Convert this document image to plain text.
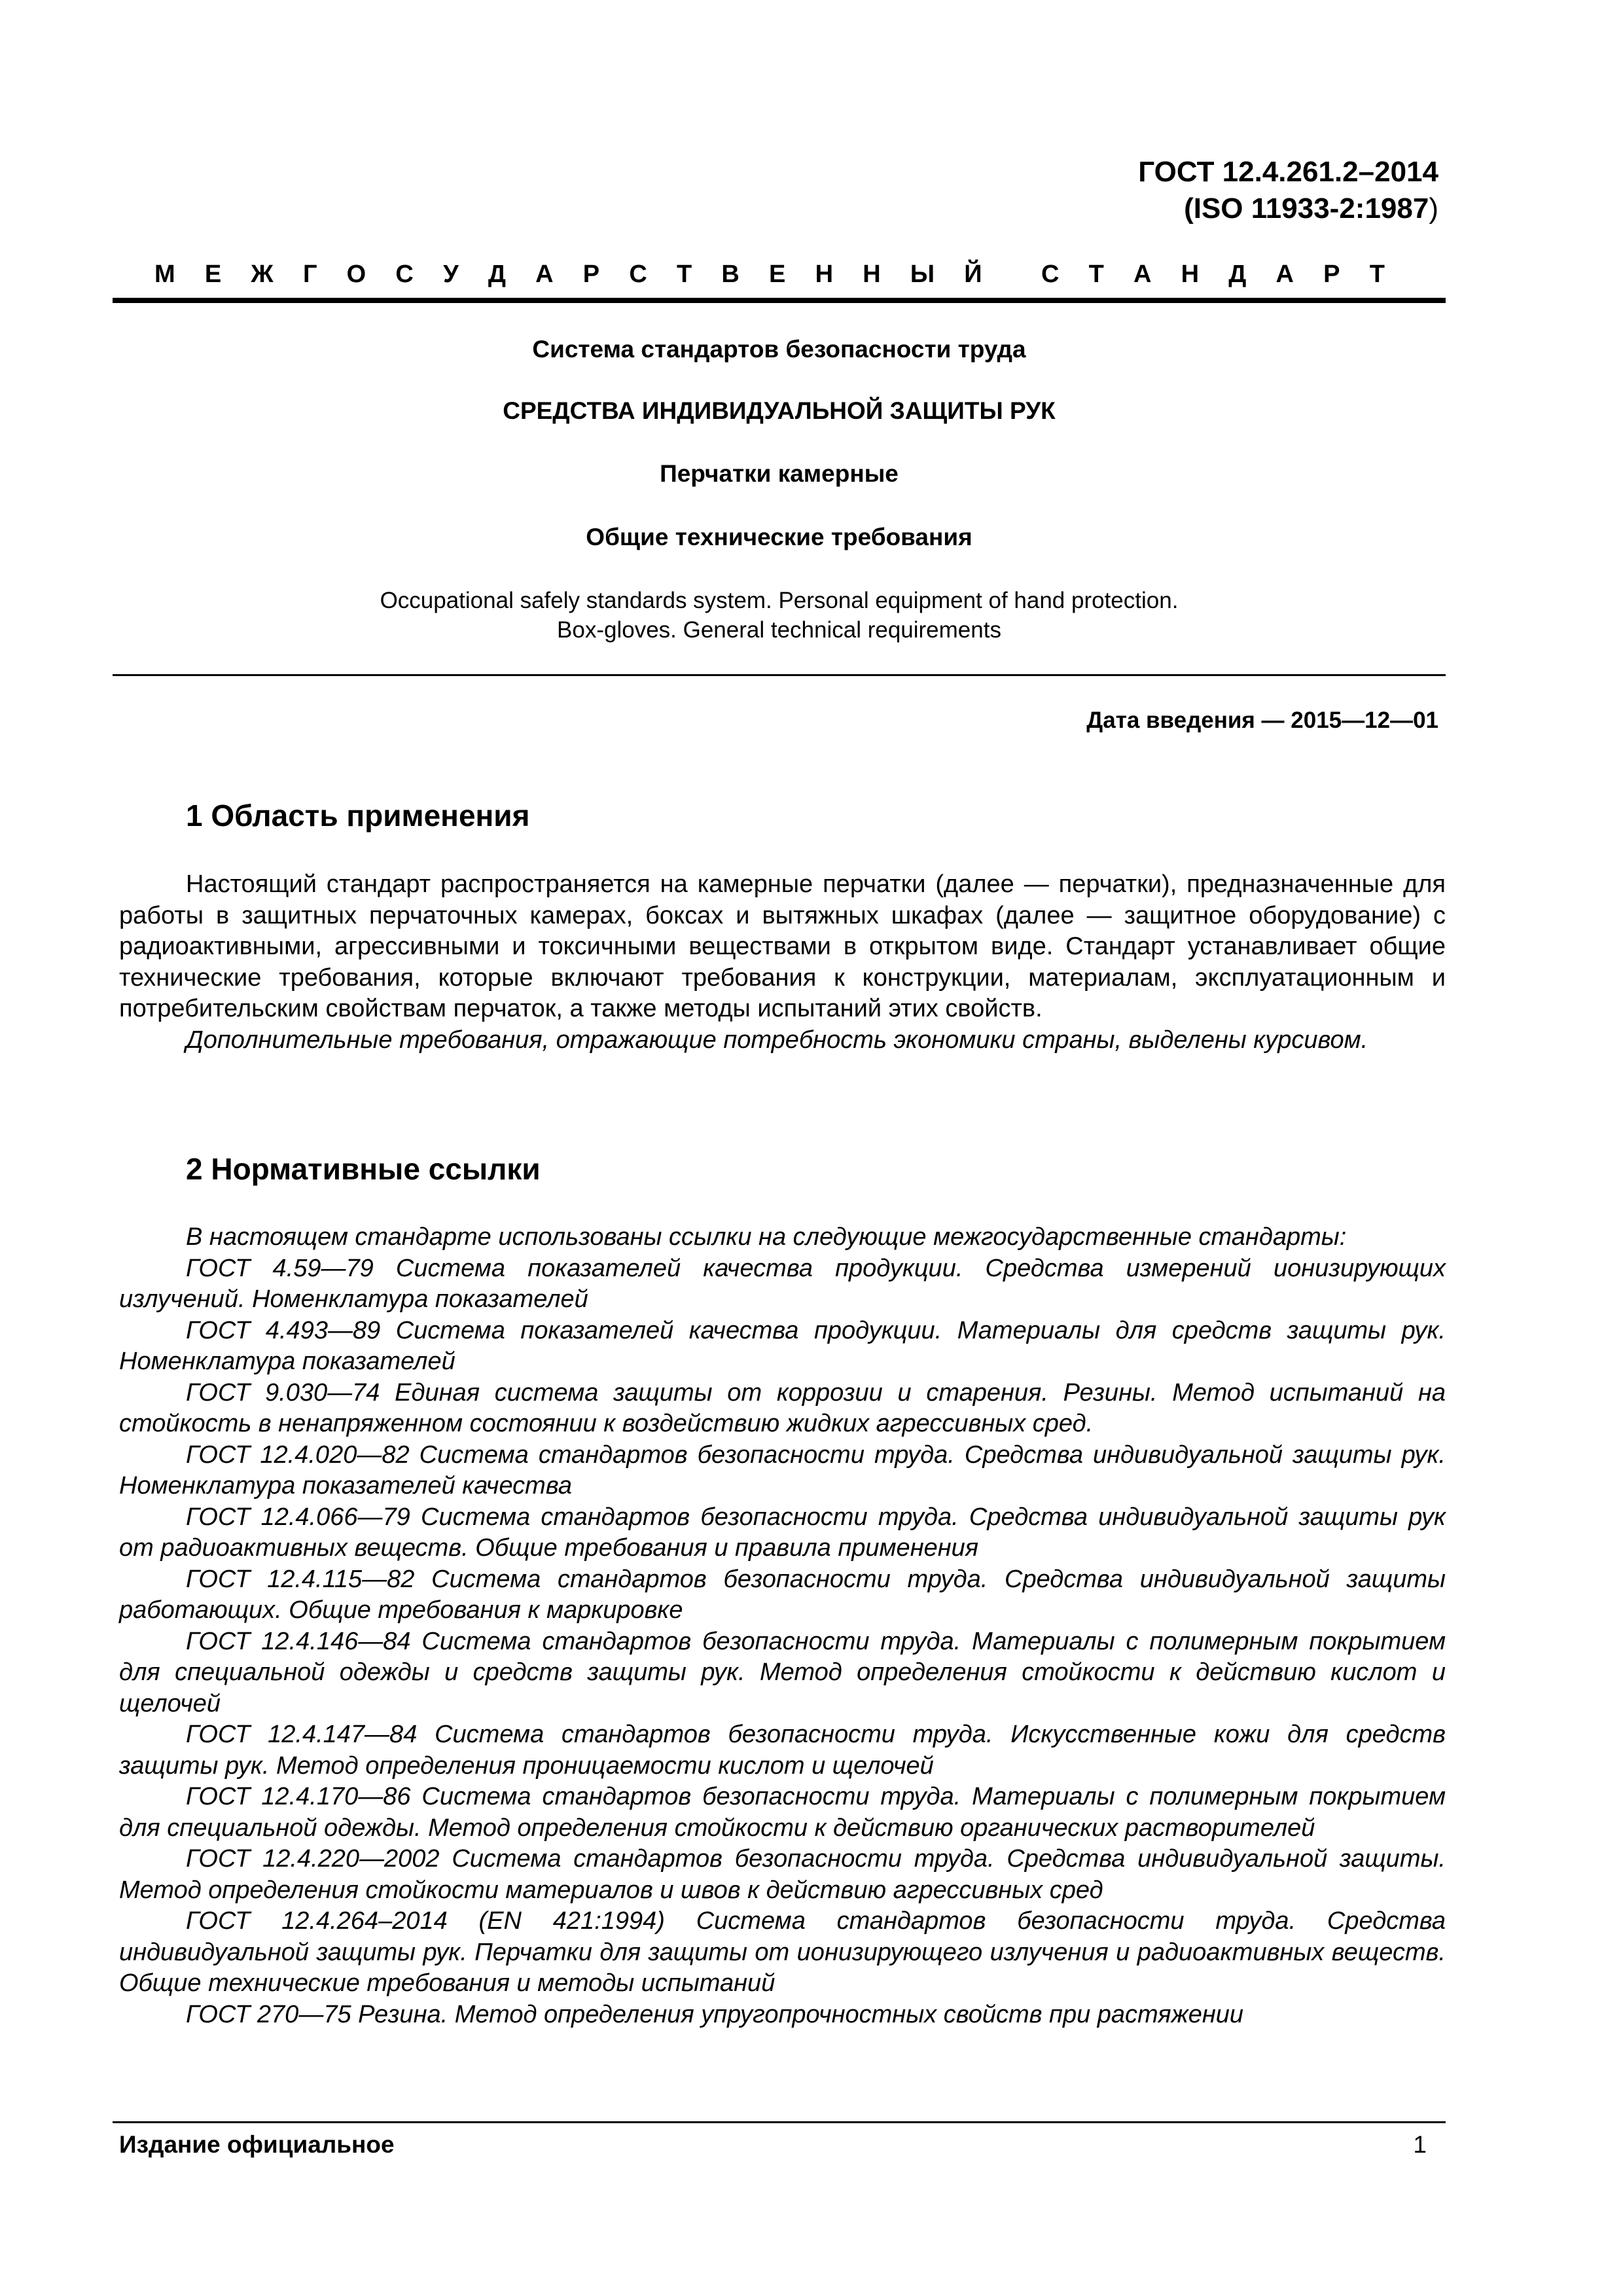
ГОСТ 12.4.261.2–2014
(ISO 11933-2:1987)
М Е Ж Г О С У Д А Р С Т В Е Н Н Ы Й С Т А Н Д А Р Т
Система стандартов безопасности труда
СРЕДСТВА ИНДИВИДУАЛЬНОЙ ЗАЩИТЫ РУК
Перчатки камерные
Общие технические требования
Occupational safely standards system. Personal equipment of hand protection.
Box-gloves. General technical requirements
Дата введения — 2015—12—01
1 Область применения

Настоящий стандарт распространяется на камерные перчатки (далее — перчатки), предназначенные для работы в защитных перчаточных камерах, боксах и вытяжных шкафах (далее — защитное оборудование) с радиоактивными, агрессивными и токсичными веществами в открытом виде. Стандарт устанавливает общие технические требования, которые включают требования к конструкции, материалам, эксплуатационным и потребительским свойствам перчаток, а также методы испытаний этих свойств.

Дополнительные требования, отражающие потребность экономики страны, выделены курсивом.

2 Нормативные ссылки

В настоящем стандарте использованы ссылки на следующие межгосударственные стандарты:

ГОСТ 4.59—79 Система показателей качества продукции. Средства измерений ионизирующих излучений. Номенклатура показателей

ГОСТ 4.493—89 Система показателей качества продукции. Материалы для средств защиты рук. Номенклатура показателей

ГОСТ 9.030—74 Единая система защиты от коррозии и старения. Резины. Метод испытаний на стойкость в ненапряженном состоянии к воздействию жидких агрессивных сред.

ГОСТ 12.4.020—82 Система стандартов безопасности труда. Средства индивидуальной защиты рук. Номенклатура показателей качества

ГОСТ 12.4.066—79 Система стандартов безопасности труда. Средства индивидуальной защиты рук от радиоактивных веществ. Общие требования и правила применения

ГОСТ 12.4.115—82 Система стандартов безопасности труда. Средства индивидуальной защиты работающих. Общие требования к маркировке

ГОСТ 12.4.146—84 Система стандартов безопасности труда. Материалы с полимерным покрытием для специальной одежды и средств защиты рук. Метод определения стойкости к действию кислот и щелочей

ГОСТ 12.4.147—84 Система стандартов безопасности труда. Искусственные кожи для средств защиты рук. Метод определения проницаемости кислот и щелочей

ГОСТ 12.4.170—86 Система стандартов безопасности труда. Материалы с полимерным покрытием для специальной одежды. Метод определения стойкости к действию органических растворителей

ГОСТ 12.4.220—2002 Система стандартов безопасности труда. Средства индивидуальной защиты. Метод определения стойкости материалов и швов к действию агрессивных сред

ГОСТ 12.4.264–2014 (EN 421:1994) Система стандартов безопасности труда. Средства индивидуальной защиты рук. Перчатки для защиты от ионизирующего излучения и радиоактивных веществ. Общие технические требования и методы испытаний

ГОСТ 270—75 Резина. Метод определения упругопрочностных свойств при растяжении

Издание официальное	1
